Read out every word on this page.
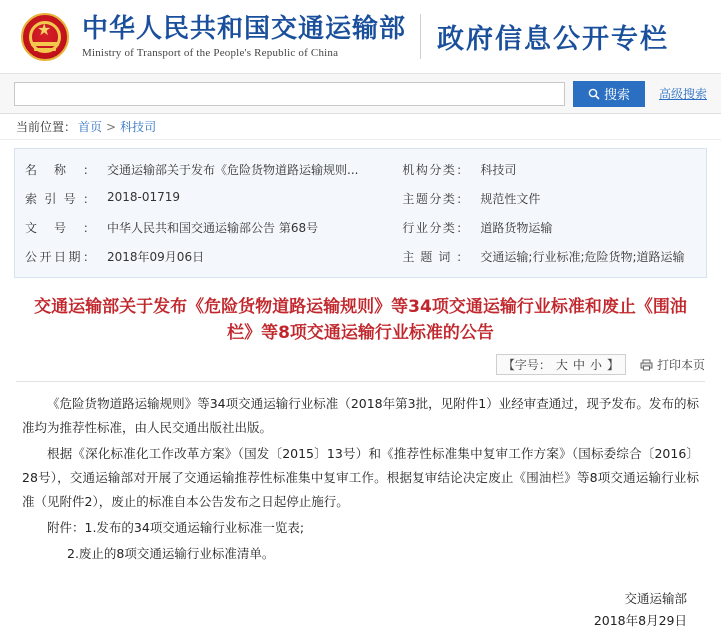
★ 中华人民共和国交通运输部
Ministry of Transport of the People's Republic of China	政府信息公开专栏
搜索 高级搜索
当前位置： 首页 > 科技司
名称：	交通运输部关于发布《危险货物道路运输规则...		机构分类：	科技司
索引号：	2018-01719		主题分类：	规范性文件
文号：	中华人民共和国交通运输部公告 第68号		行业分类：	道路货物运输
公开日期：	2018年09月06日		主题词：	交通运输;行业标准;危险货物;道路运输
交通运输部关于发布《危险货物道路运输规则》等34项交通运输行业标准和废止《围油栏》等8项交通运输行业标准的公告
【字号： 大 中 小 】	打印本页

《危险货物道路运输规则》等34项交通运输行业标准（2018年第3批，见附件1）业经审查通过，现予发布。发布的标准均为推荐性标准，由人民交通出版社出版。

根据《深化标准化工作改革方案》（国发〔2015〕13号）和《推荐性标准集中复审工作方案》（国标委综合〔2016〕28号），交通运输部对开展了交通运输推荐性标准集中复审工作。根据复审结论决定废止《围油栏》等8项交通运输行业标准（见附件2），废止的标准自本公告发布之日起停止施行。

附件：1.发布的34项交通运输行业标准一览表;

2.废止的8项交通运输行业标准清单。

交通运输部
2018年8月29日
